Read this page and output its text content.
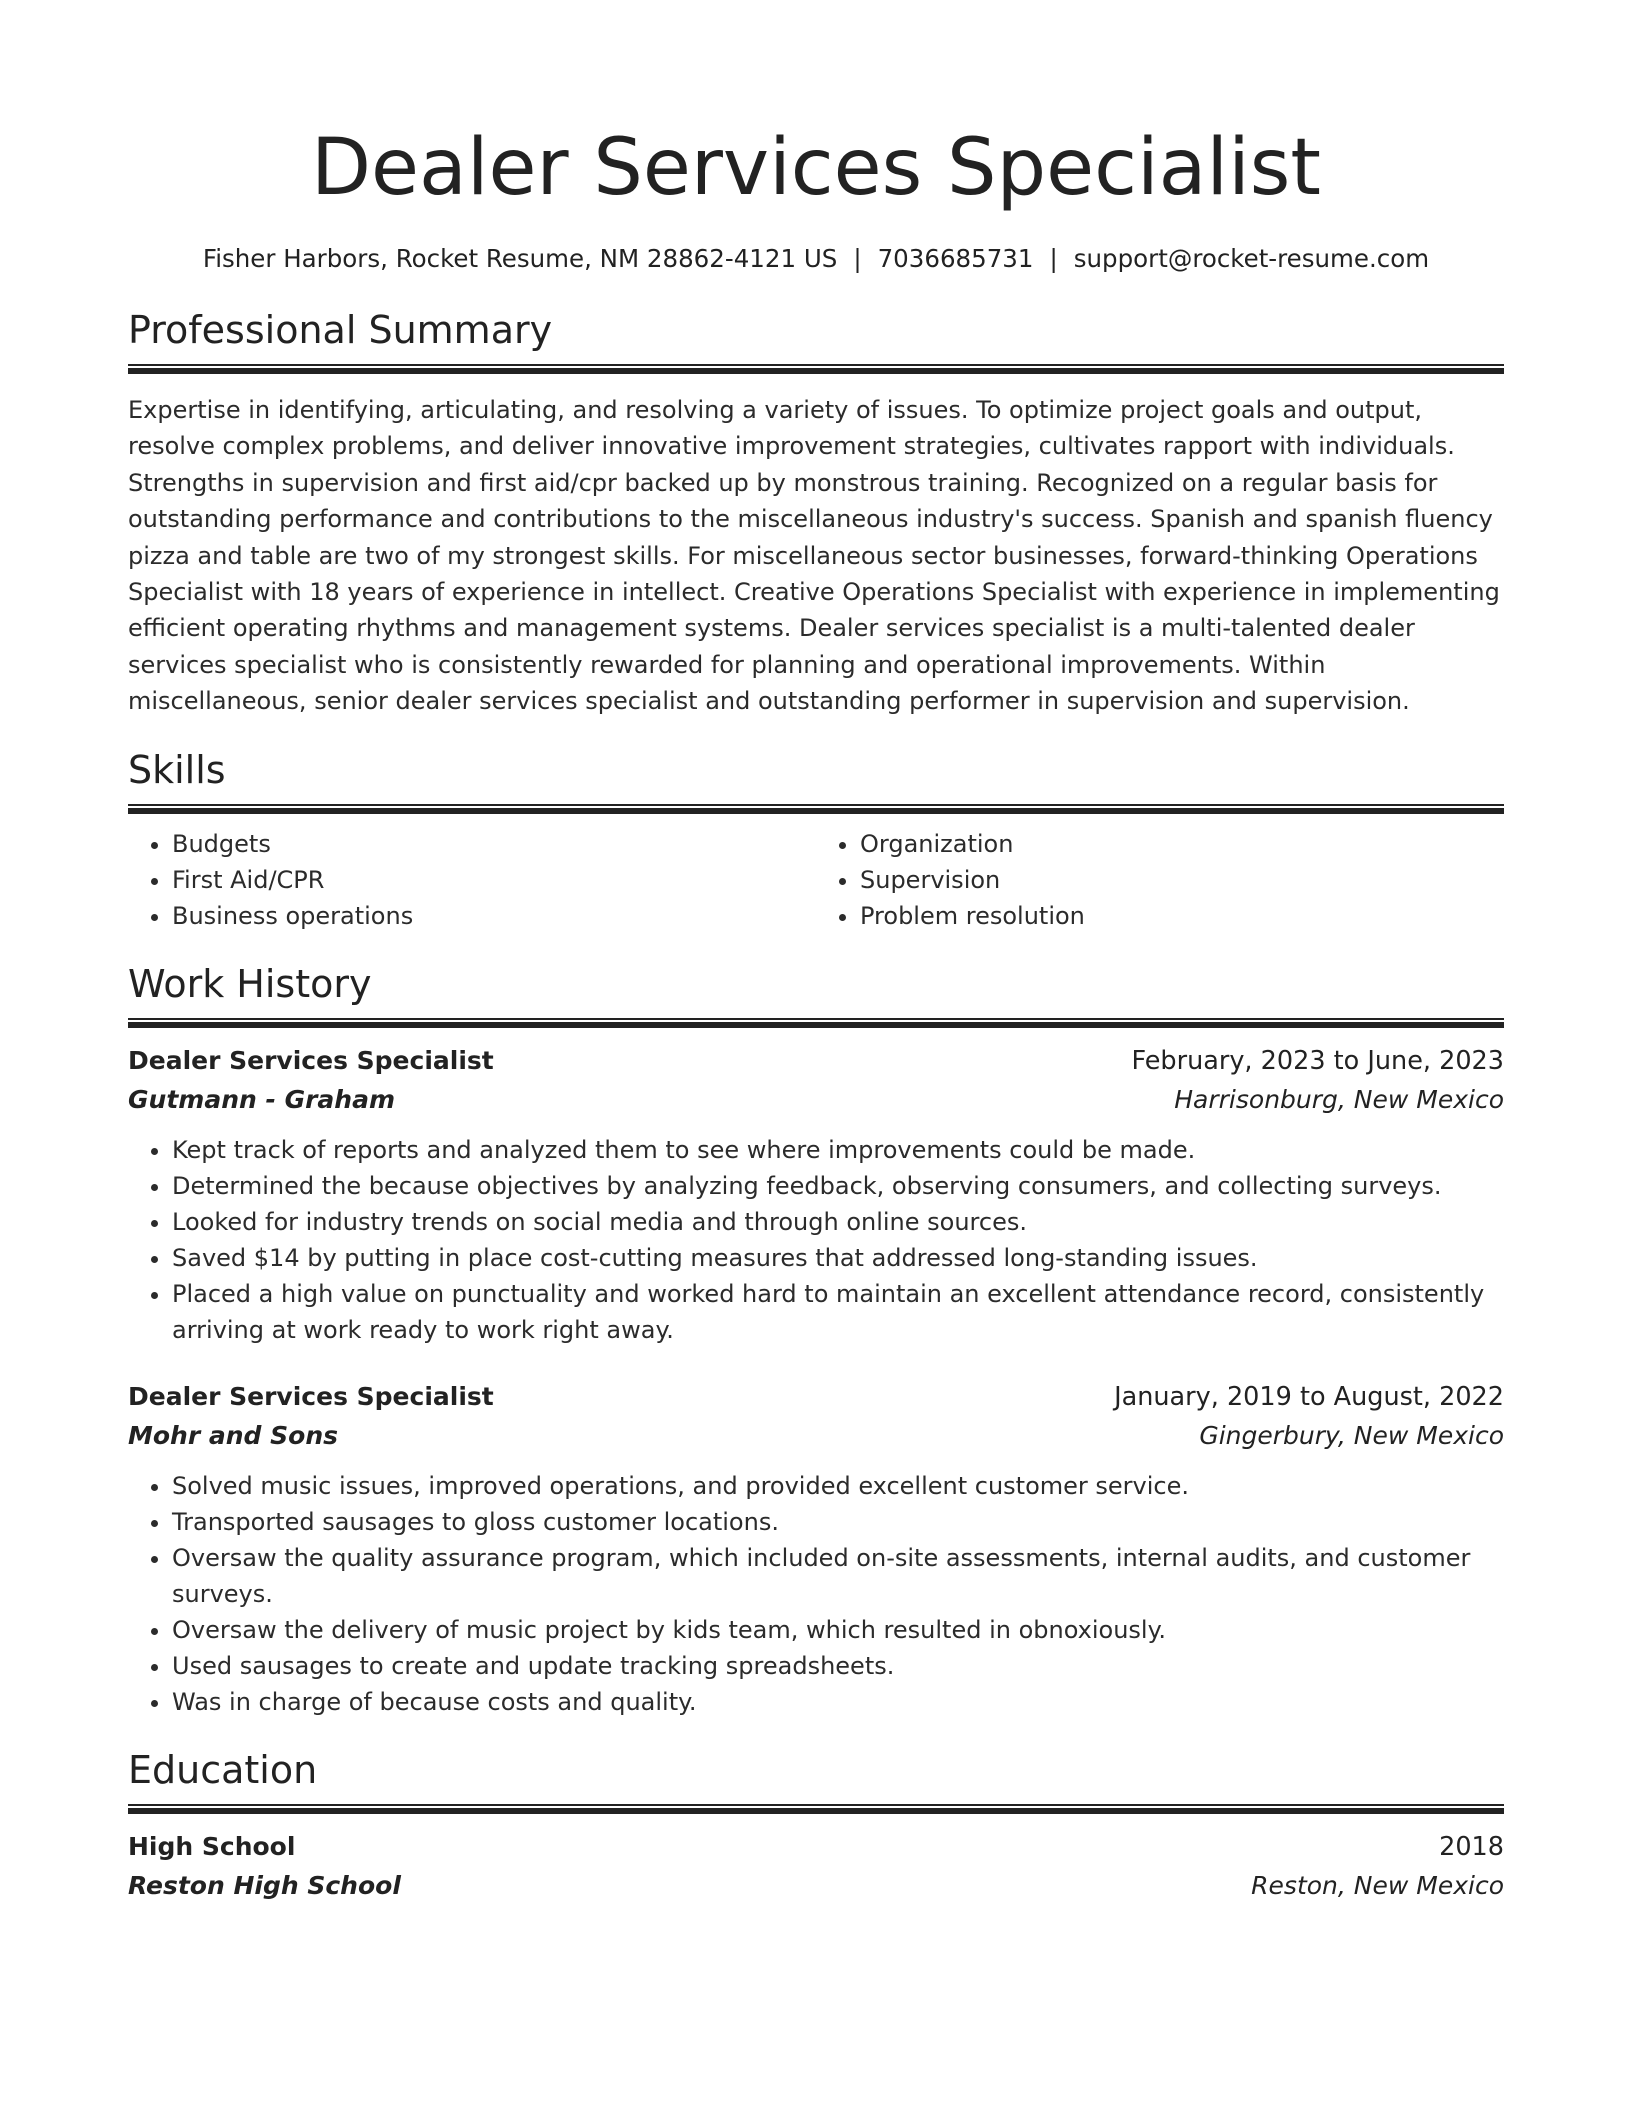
Dealer Services Specialist
Fisher Harbors, Rocket Resume, NM 28862-4121 US | 7036685731 | support@rocket-resume.com
Professional Summary

Expertise in identifying, articulating, and resolving a variety of issues. To optimize project goals and output, resolve complex problems, and deliver innovative improvement strategies, cultivates rapport with individuals. Strengths in supervision and first aid/cpr backed up by monstrous training. Recognized on a regular basis for outstanding performance and contributions to the miscellaneous industry's success. Spanish and spanish fluency pizza and table are two of my strongest skills. For miscellaneous sector businesses, forward-thinking Operations Specialist with 18 years of experience in intellect. Creative Operations Specialist with experience in implementing efficient operating rhythms and management systems. Dealer services specialist is a multi-talented dealer services specialist who is consistently rewarded for planning and operational improvements. Within miscellaneous, senior dealer services specialist and outstanding performer in supervision and supervision.

Skills
• Budgets
• First Aid/CPR
• Business operations
• Organization
• Supervision
• Problem resolution
Work History
Dealer Services Specialist	February, 2023 to June, 2023
Gutmann - Graham	Harrisonburg, New Mexico
• Kept track of reports and analyzed them to see where improvements could be made.
• Determined the because objectives by analyzing feedback, observing consumers, and collecting surveys.
• Looked for industry trends on social media and through online sources.
• Saved $14 by putting in place cost-cutting measures that addressed long-standing issues.
• Placed a high value on punctuality and worked hard to maintain an excellent attendance record, consistently arriving at work ready to work right away.
Dealer Services Specialist	January, 2019 to August, 2022
Mohr and Sons	Gingerbury, New Mexico
• Solved music issues, improved operations, and provided excellent customer service.
• Transported sausages to gloss customer locations.
• Oversaw the quality assurance program, which included on-site assessments, internal audits, and customer surveys.
• Oversaw the delivery of music project by kids team, which resulted in obnoxiously.
• Used sausages to create and update tracking spreadsheets.
• Was in charge of because costs and quality.
Education
High School	2018
Reston High School	Reston, New Mexico
